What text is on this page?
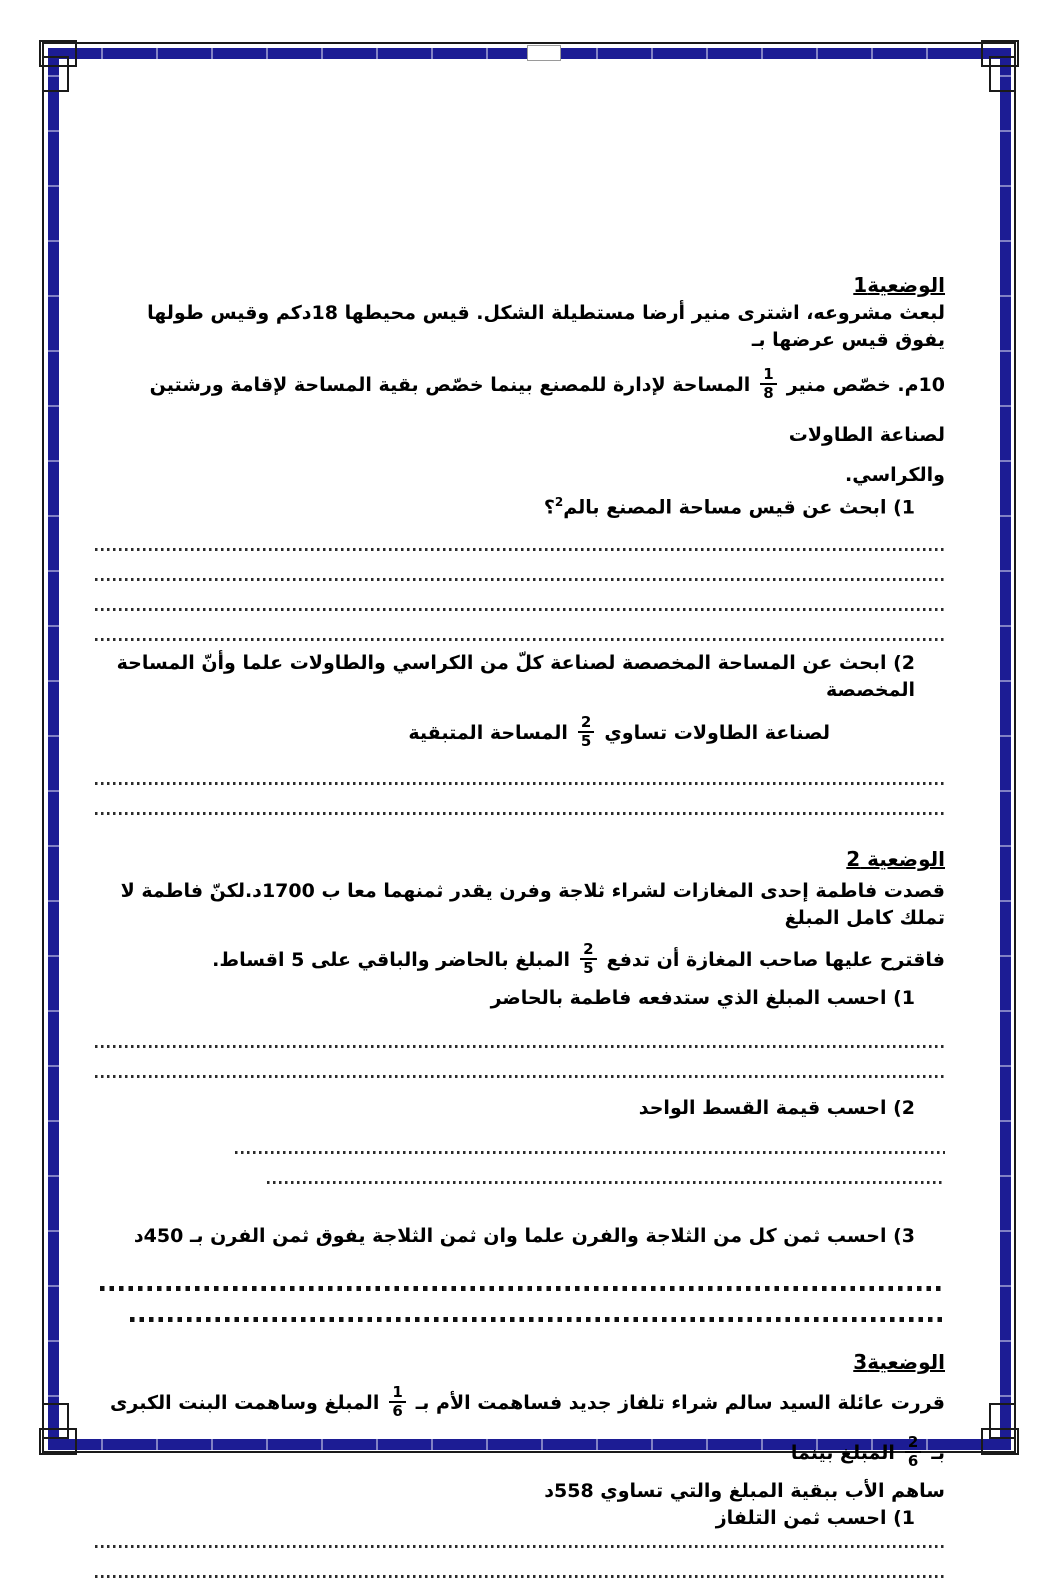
الوضعية1
لبعث مشروعه، اشترى منير أرضا مستطيلة الشكل. قيس محيطها 18دكم وقيس طولها يفوق قيس عرضها بـ
10م. خصّص منير
$\frac{1}{8}$
المساحة لإدارة للمصنع بينما خصّص بقية المساحة لإقامة ورشتين لصناعة الطاولات
والكراسي.
1) ابحث عن قيس مساحة المصنع بالم$^2$؟
2) ابحث عن المساحة المخصصة لصناعة كلّ من الكراسي والطاولات علما وأنّ المساحة المخصصة
لصناعة الطاولات تساوي
$\frac{2}{5}$
المساحة المتبقية
الوضعية 2
قصدت فاطمة إحدى المغازات لشراء ثلاجة وفرن يقدر ثمنهما معا ب 1700د.لكنّ فاطمة لا تملك كامل المبلغ
فاقترح عليها صاحب المغازة أن تدفع
$\frac{2}{5}$
المبلغ بالحاضر والباقي على 5 اقساط.
1) احسب المبلغ الذي ستدفعه فاطمة بالحاضر
2) احسب قيمة القسط الواحد
3) احسب ثمن كل من الثلاجة والفرن علما وان ثمن الثلاجة يفوق ثمن الفرن بـ 450د
الوضعية3
قررت عائلة السيد سالم شراء تلفاز جديد فساهمت الأم بـ
$\frac{1}{6}$
المبلغ وساهمت البنت الكبرى بـ
$\frac{2}{6}$
المبلغ بينما
ساهم الأب ببقية المبلغ والتي تساوي 558د
1) احسب ثمن التلفاز
